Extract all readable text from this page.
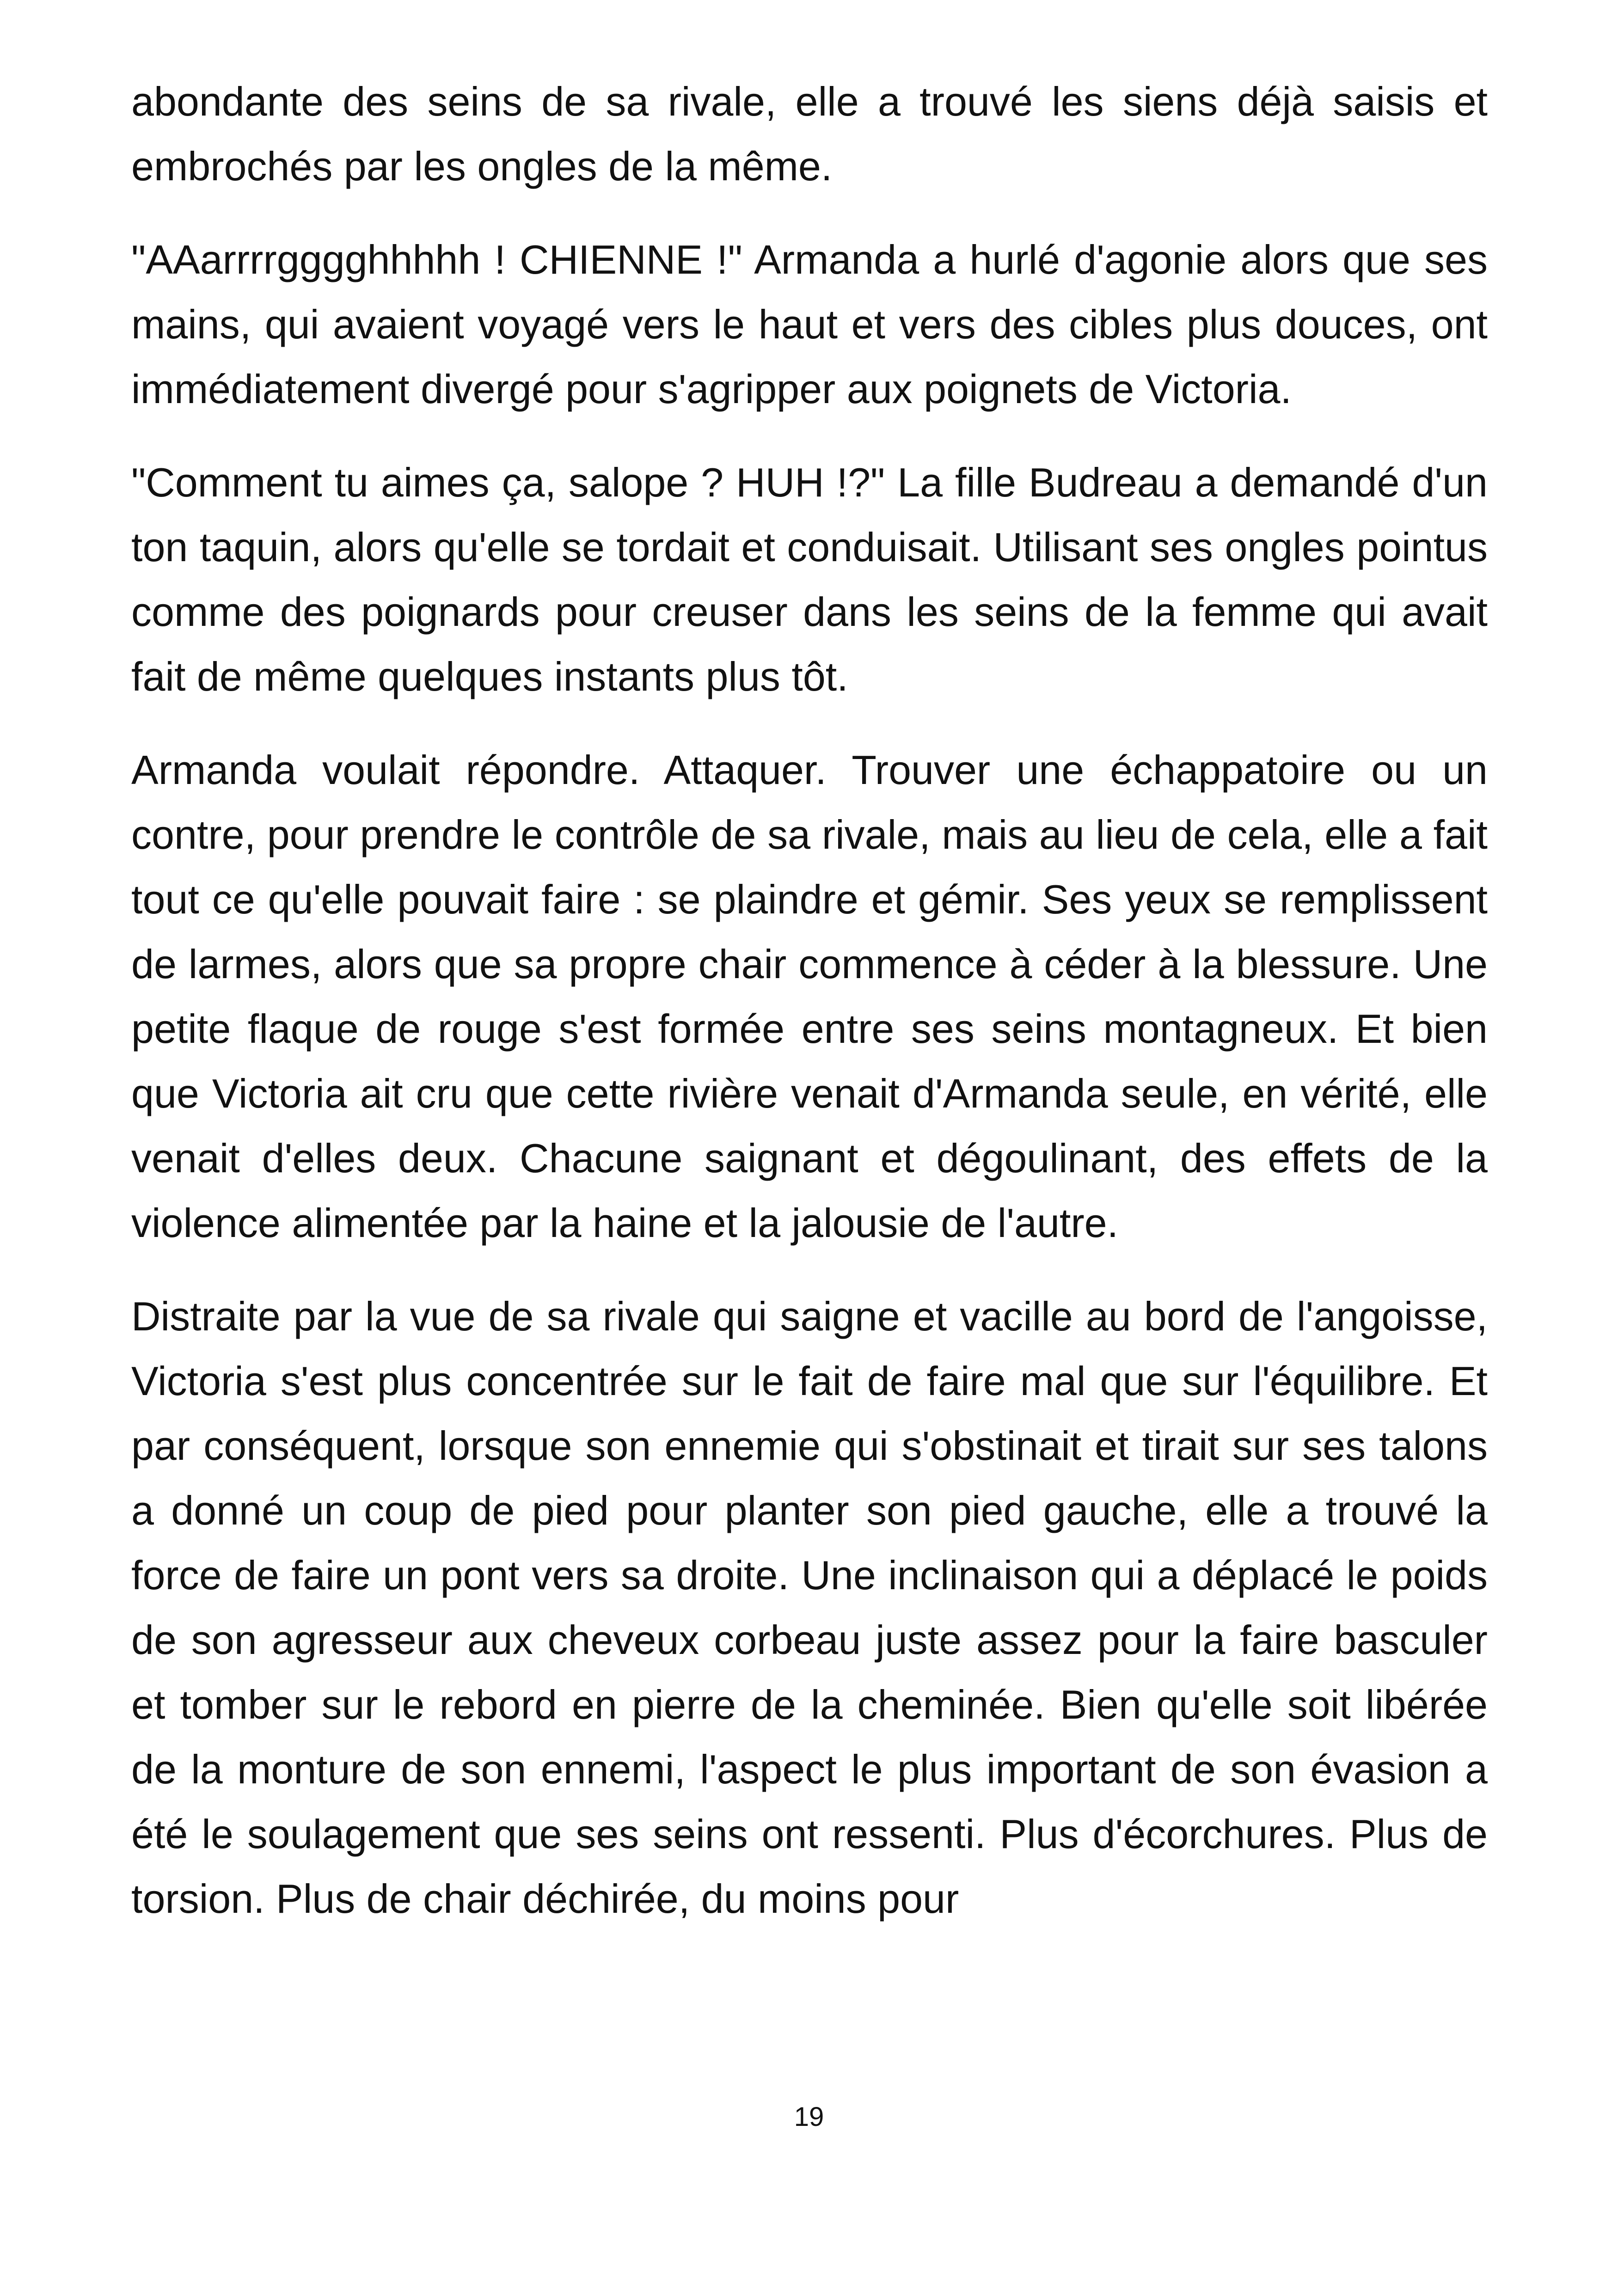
abondante des seins de sa rivale, elle a trouvé les siens déjà saisis et embrochés par les ongles de la même.

"AAarrrrgggghhhhh ! CHIENNE !" Armanda a hurlé d'agonie alors que ses mains, qui avaient voyagé vers le haut et vers des cibles plus douces, ont immédiatement divergé pour s'agripper aux poignets de Victoria.

"Comment tu aimes ça, salope ? HUH !?" La fille Budreau a demandé d'un ton taquin, alors qu'elle se tordait et conduisait. Utilisant ses ongles pointus comme des poignards pour creuser dans les seins de la femme qui avait fait de même quelques instants plus tôt.

Armanda voulait répondre. Attaquer. Trouver une échappatoire ou un contre, pour prendre le contrôle de sa rivale, mais au lieu de cela, elle a fait tout ce qu'elle pouvait faire : se plaindre et gémir. Ses yeux se remplissent de larmes, alors que sa propre chair commence à céder à la blessure. Une petite flaque de rouge s'est formée entre ses seins montagneux. Et bien que Victoria ait cru que cette rivière venait d'Armanda seule, en vérité, elle venait d'elles deux. Chacune saignant et dégoulinant, des effets de la violence alimentée par la haine et la jalousie de l'autre.

Distraite par la vue de sa rivale qui saigne et vacille au bord de l'angoisse, Victoria s'est plus concentrée sur le fait de faire mal que sur l'équilibre. Et par conséquent, lorsque son ennemie qui s'obstinait et tirait sur ses talons a donné un coup de pied pour planter son pied gauche, elle a trouvé la force de faire un pont vers sa droite. Une inclinaison qui a déplacé le poids de son agresseur aux cheveux corbeau juste assez pour la faire basculer et tomber sur le rebord en pierre de la cheminée. Bien qu'elle soit libérée de la monture de son ennemi, l'aspect le plus important de son évasion a été le soulagement que ses seins ont ressenti. Plus d'écorchures. Plus de torsion. Plus de chair déchirée, du moins pour

19
